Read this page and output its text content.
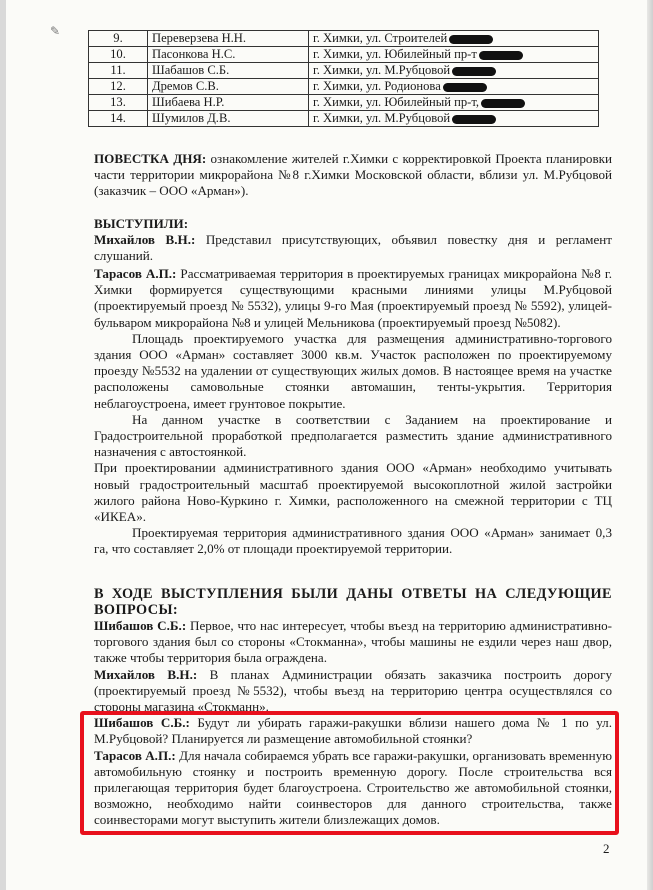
✎	9.	Переверзева Н.Н.	г. Химки, ул. Строителей
10.	Пасонкова Н.С.	г. Химки, ул. Юбилейный пр-т
11.	Шабашов С.Б.	г. Химки, ул. М.Рубцовой
12.	Дремов С.В.	г. Химки, ул. Родионова
13.	Шибаева Н.Р.	г. Химки, ул. Юбилейный пр-т,
14.	Шумилов Д.В.	г. Химки, ул. М.Рубцовой

ПОВЕСТКА ДНЯ: ознакомление жителей г.Химки с корректировкой Проекта планировки части территории микрорайона №8 г.Химки Московской области, вблизи ул. М.Рубцовой (заказчик – ООО «Арман»).

ВЫСТУПИЛИ:

Михайлов В.Н.: Представил присутствующих, объявил повестку дня и регламент слушаний.

Тарасов А.П.: Рассматриваемая территория в проектируемых границах микрорайона №8 г. Химки формируется существующими красными линиями улицы М.Рубцовой (проектируемый проезд № 5532), улицы 9-го Мая (проектируемый проезд № 5592), улицей-бульваром микрорайона №8 и улицей Мельникова (проектируемый проезд №5082).

Площадь проектируемого участка для размещения административно-торгового здания ООО «Арман» составляет 3000 кв.м. Участок расположен по проектируемому проезду №5532 на удалении от существующих жилых домов. В настоящее время на участке расположены самовольные стоянки автомашин, тенты-укрытия. Территория неблагоустроена, имеет грунтовое покрытие.

На данном участке в соответствии с Заданием на проектирование и Градостроительной проработкой предполагается разместить здание административного назначения с автостоянкой.

При проектировании административного здания ООО «Арман» необходимо учитывать новый градостроительный масштаб проектируемой высокоплотной жилой застройки жилого района Ново-Куркино г. Химки, расположенного на смежной территории с ТЦ «ИКЕА».

Проектируемая территория административного здания ООО «Арман» занимает 0,3 га, что составляет 2,0% от площади проектируемой территории.

В ХОДЕ ВЫСТУПЛЕНИЯ БЫЛИ ДАНЫ ОТВЕТЫ НА СЛЕДУЮЩИЕ ВОПРОСЫ:

Шибашов С.Б.: Первое, что нас интересует, чтобы въезд на территорию административно-торгового здания был со стороны «Стокманна», чтобы машины не ездили через наш двор, также чтобы территория была ограждена.

Михайлов В.Н.: В планах Администрации обязать заказчика построить дорогу (проектируемый проезд №5532), чтобы въезд на территорию центра осуществлялся со стороны магазина «Стокманн».

Шибашов С.Б.: Будут ли убирать гаражи-ракушки вблизи нашего дома № 1 по ул. М.Рубцовой? Планируется ли размещение автомобильной стоянки?

Тарасов А.П.: Для начала собираемся убрать все гаражи-ракушки, организовать временную автомобильную стоянку и построить временную дорогу. После строительства вся прилегающая территория будет благоустроена. Строительство же автомобильной стоянки, возможно, необходимо найти соинвесторов для данного строительства, также соинвесторами могут выступить жители близлежащих домов.

2
